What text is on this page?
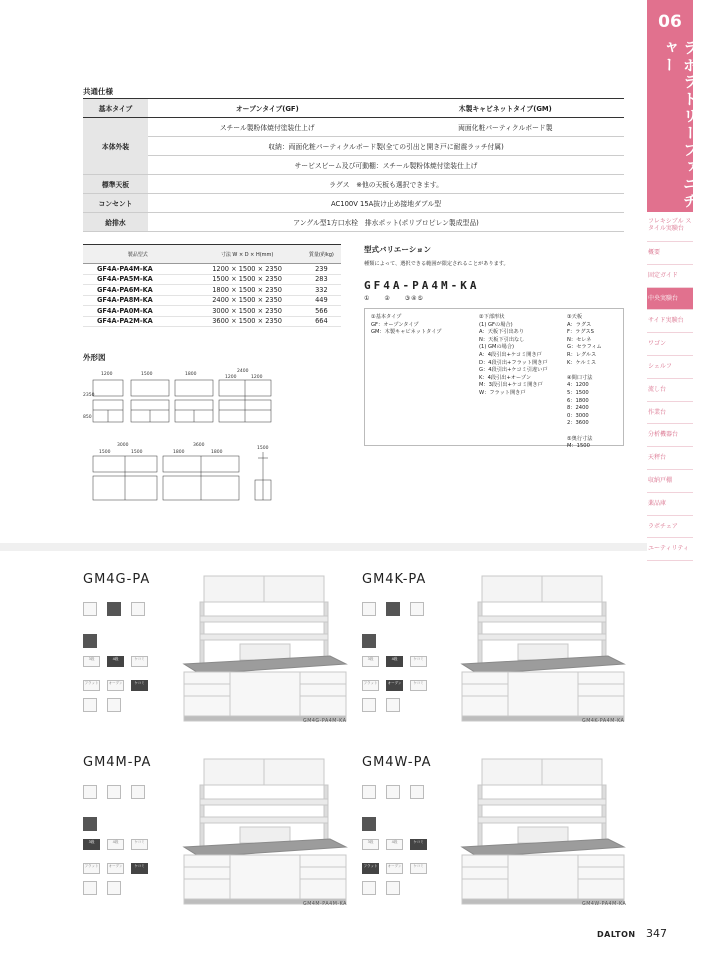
06
ラボラトリーファニチャー
フレキシブル スタイル実験台
概要
固定ガイド
中央実験台
サイド実験台
ワゴン
シェルフ
流し台
作業台
分析機器台
天秤台
収納戸棚
薬品庫
ラボチェア
ユーティリティ
共通仕様
基本タイプ	オープンタイプ(GF)	木製キャビネットタイプ(GM)
本体外装	スチール製粉体焼付塗装仕上げ	両面化粧パーティクルボード製
	収納：両面化粧パーティクルボード製(全ての引出と開き戸に耐震ラッチ付属)	
	サービスビーム及び可動棚：スチール製粉体焼付塗装仕上げ	
標準天板	ラグス　※他の天板も選択できます。	
コンセント	AC100V 15A抜け止め接地ダブル型	
給排水	アングル型1方口水栓　排水ポット(ポリプロピレン製成型品)	
製品型式	寸法 W × D × H(mm)	質量(約kg)
GF4A-PA4M-KA	1200 × 1500 × 2350	239
GF4A-PA5M-KA	1500 × 1500 × 2350	283
GF4A-PA6M-KA	1800 × 1500 × 2350	332
GF4A-PA8M-KA	2400 × 1500 × 2350	449
GF4A-PA0M-KA	3000 × 1500 × 2350	566
GF4A-PA2M-KA	3600 × 1500 × 2350	664
型式バリエーション
種類によって、選択できる範囲が限定されることがあります。
GF4A-PA4M-KA
①　　②　　③④⑤
①基本タイプ
GF：オープンタイプ
GM：木製キャビネットタイプ
②下部形状
(1) GFの場合)
A：天板下引出あり
N：天板下引出なし
(1) GMの場合)
A：4段引出+ケコミ開き戸
D：4段引出+フラット開き戸
G：4段引出+ケコミ引違い戸
K：4段引出+オープン
M：3段引出+ケコミ開き戸
W：フラット開き戸
③天板
A：ラグス
F：ラグスS
N：セレネ
G：セラフィム
R：レグルス
K：ケルミス

④間口寸法
4：1200
5：1500
6：1800
8：2400
0：3000
2：3600

⑤奥行寸法
M：1500
外形図
1200	1500	1800
2400
1200	1200
3000	3600
1500	1500	1800	1800
1500
2350
850
GM4G-PA
3段	4段	ケコミ
フラット	オープン	ケコミ
GM4G-PA4M-KA
GM4K-PA
3段	4段	ケコミ
フラット	オープン	ケコミ
GM4K-PA4M-KA
GM4M-PA
3段	4段	ケコミ
フラット	オープン	ケコミ
GM4M-PA4M-KA
GM4W-PA
3段	4段	ケコミ
フラット	オープン	ケコミ
GM4W-PA4M-KA
DALTON 347
